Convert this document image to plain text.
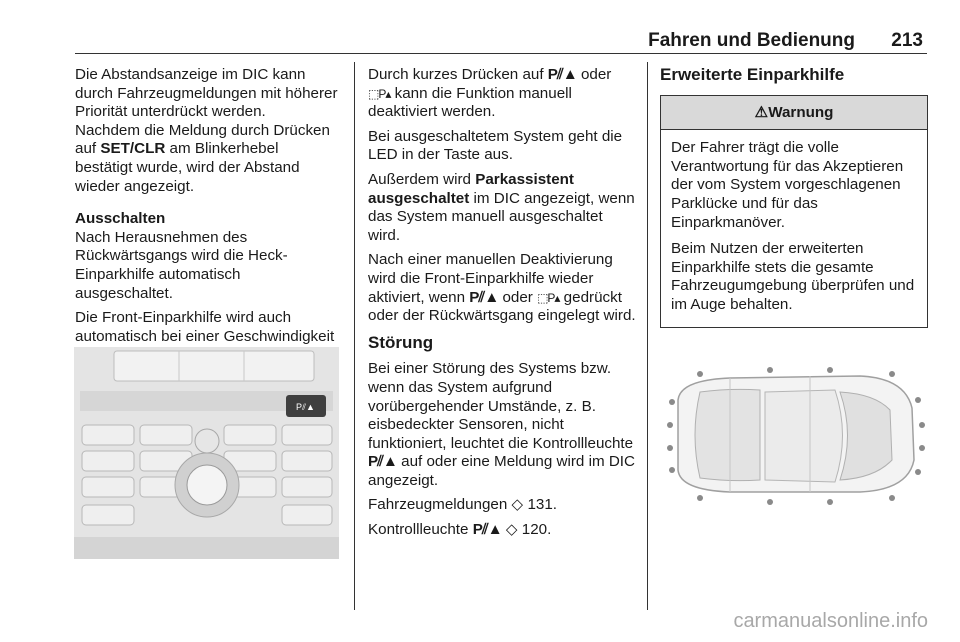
Fahren und Bedienung 213

Die Abstandsanzeige im DIC kann durch Fahrzeugmeldungen mit höherer Priorität unterdrückt werden.

Nachdem die Meldung durch Drücken auf SET/CLR am Blinkerhebel bestätigt wurde, wird der Abstand wieder angezeigt.

Ausschalten

Nach Herausnehmen des Rückwärtsgangs wird die Heck-Einparkhilfe automatisch ausgeschaltet.

Die Front-Einparkhilfe wird auch automatisch bei einer Geschwindigkeit

P⫽▲

Durch kurzes Drücken auf P⫽▲ oder ⬚P▴ kann die Funktion manuell deaktiviert werden.

Bei ausgeschaltetem System geht die LED in der Taste aus.

Außerdem wird Parkassistent ausgeschaltet im DIC angezeigt, wenn das System manuell ausgeschaltet wird.

Nach einer manuellen Deaktivierung wird die Front-Einparkhilfe wieder aktiviert, wenn P⫽▲ oder ⬚P▴ gedrückt oder der Rückwärtsgang eingelegt wird.

Störung

Bei einer Störung des Systems bzw. wenn das System aufgrund vorübergehender Umstände, z. B. eisbedeckter Sensoren, nicht funktioniert, leuchtet die Kontrollleuchte P⫽▲ auf oder eine Meldung wird im DIC angezeigt.

Fahrzeugmeldungen ◇ 131.

Kontrollleuchte P⫽▲ ◇ 120.

Erweiterte Einparkhilfe
⚠Warnung

Der Fahrer trägt die volle Verantwortung für das Akzeptieren der vom System vorgeschlagenen Parklücke und für das Einparkmanöver.

Beim Nutzen der erweiterten Einparkhilfe stets die gesamte Fahrzeugumgebung überprüfen und im Auge behalten.

carmanualsonline.info
